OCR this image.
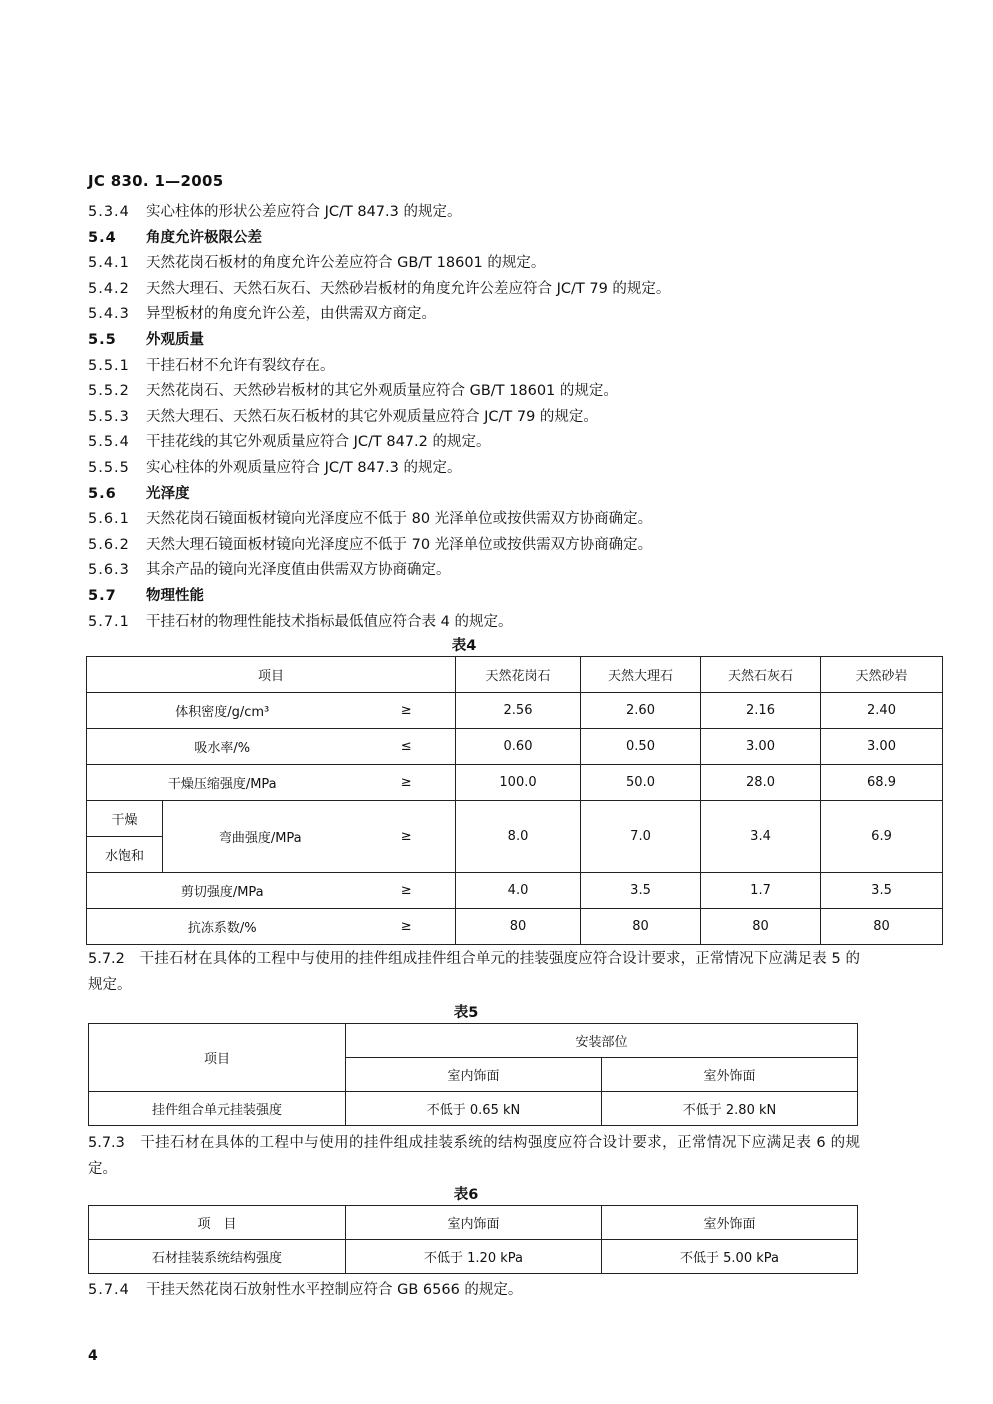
JC 830. 1—2005
5.3.4 实心柱体的形状公差应符合 JC/T 847.3 的规定。
5.4 角度允许极限公差
5.4.1 天然花岗石板材的角度允许公差应符合 GB/T 18601 的规定。
5.4.2 天然大理石、天然石灰石、天然砂岩板材的角度允许公差应符合 JC/T 79 的规定。
5.4.3 异型板材的角度允许公差，由供需双方商定。
5.5 外观质量
5.5.1 干挂石材不允许有裂纹存在。
5.5.2 天然花岗石、天然砂岩板材的其它外观质量应符合 GB/T 18601 的规定。
5.5.3 天然大理石、天然石灰石板材的其它外观质量应符合 JC/T 79 的规定。
5.5.4 干挂花线的其它外观质量应符合 JC/T 847.2 的规定。
5.5.5 实心柱体的外观质量应符合 JC/T 847.3 的规定。
5.6 光泽度
5.6.1 天然花岗石镜面板材镜向光泽度应不低于 80 光泽单位或按供需双方协商确定。
5.6.2 天然大理石镜面板材镜向光泽度应不低于 70 光泽单位或按供需双方协商确定。
5.6.3 其余产品的镜向光泽度值由供需双方协商确定。
5.7 物理性能
5.7.1 干挂石材的物理性能技术指标最低值应符合表 4 的规定。
表4
项目			天然花岗石	天然大理石	天然石灰石	天然砂岩
体积密度/g/cm³		≥	2.56	2.60	2.16	2.40
吸水率/%		≤	0.60	0.50	3.00	3.00
干燥压缩强度/MPa		≥	100.0	50.0	28.0	68.9
干燥	弯曲强度/MPa	≥	8.0	7.0	3.4	6.9
水饱和						
剪切强度/MPa		≥	4.0	3.5	1.7	3.5
抗冻系数/%		≥	80	80	80	80
5.7.2　干挂石材在具体的工程中与使用的挂件组成挂件组合单元的挂装强度应符合设计要求，正常情况下应满足表 5 的规定。
表5
项目	安装部位	
	室内饰面	室外饰面
挂件组合单元挂装强度	不低于 0.65 kN	不低于 2.80 kN
5.7.3　干挂石材在具体的工程中与使用的挂件组成挂装系统的结构强度应符合设计要求，正常情况下应满足表 6 的规定。
表6
项　目	室内饰面	室外饰面
石材挂装系统结构强度	不低于 1.20 kPa	不低于 5.00 kPa
5.7.4 干挂天然花岗石放射性水平控制应符合 GB 6566 的规定。
4
